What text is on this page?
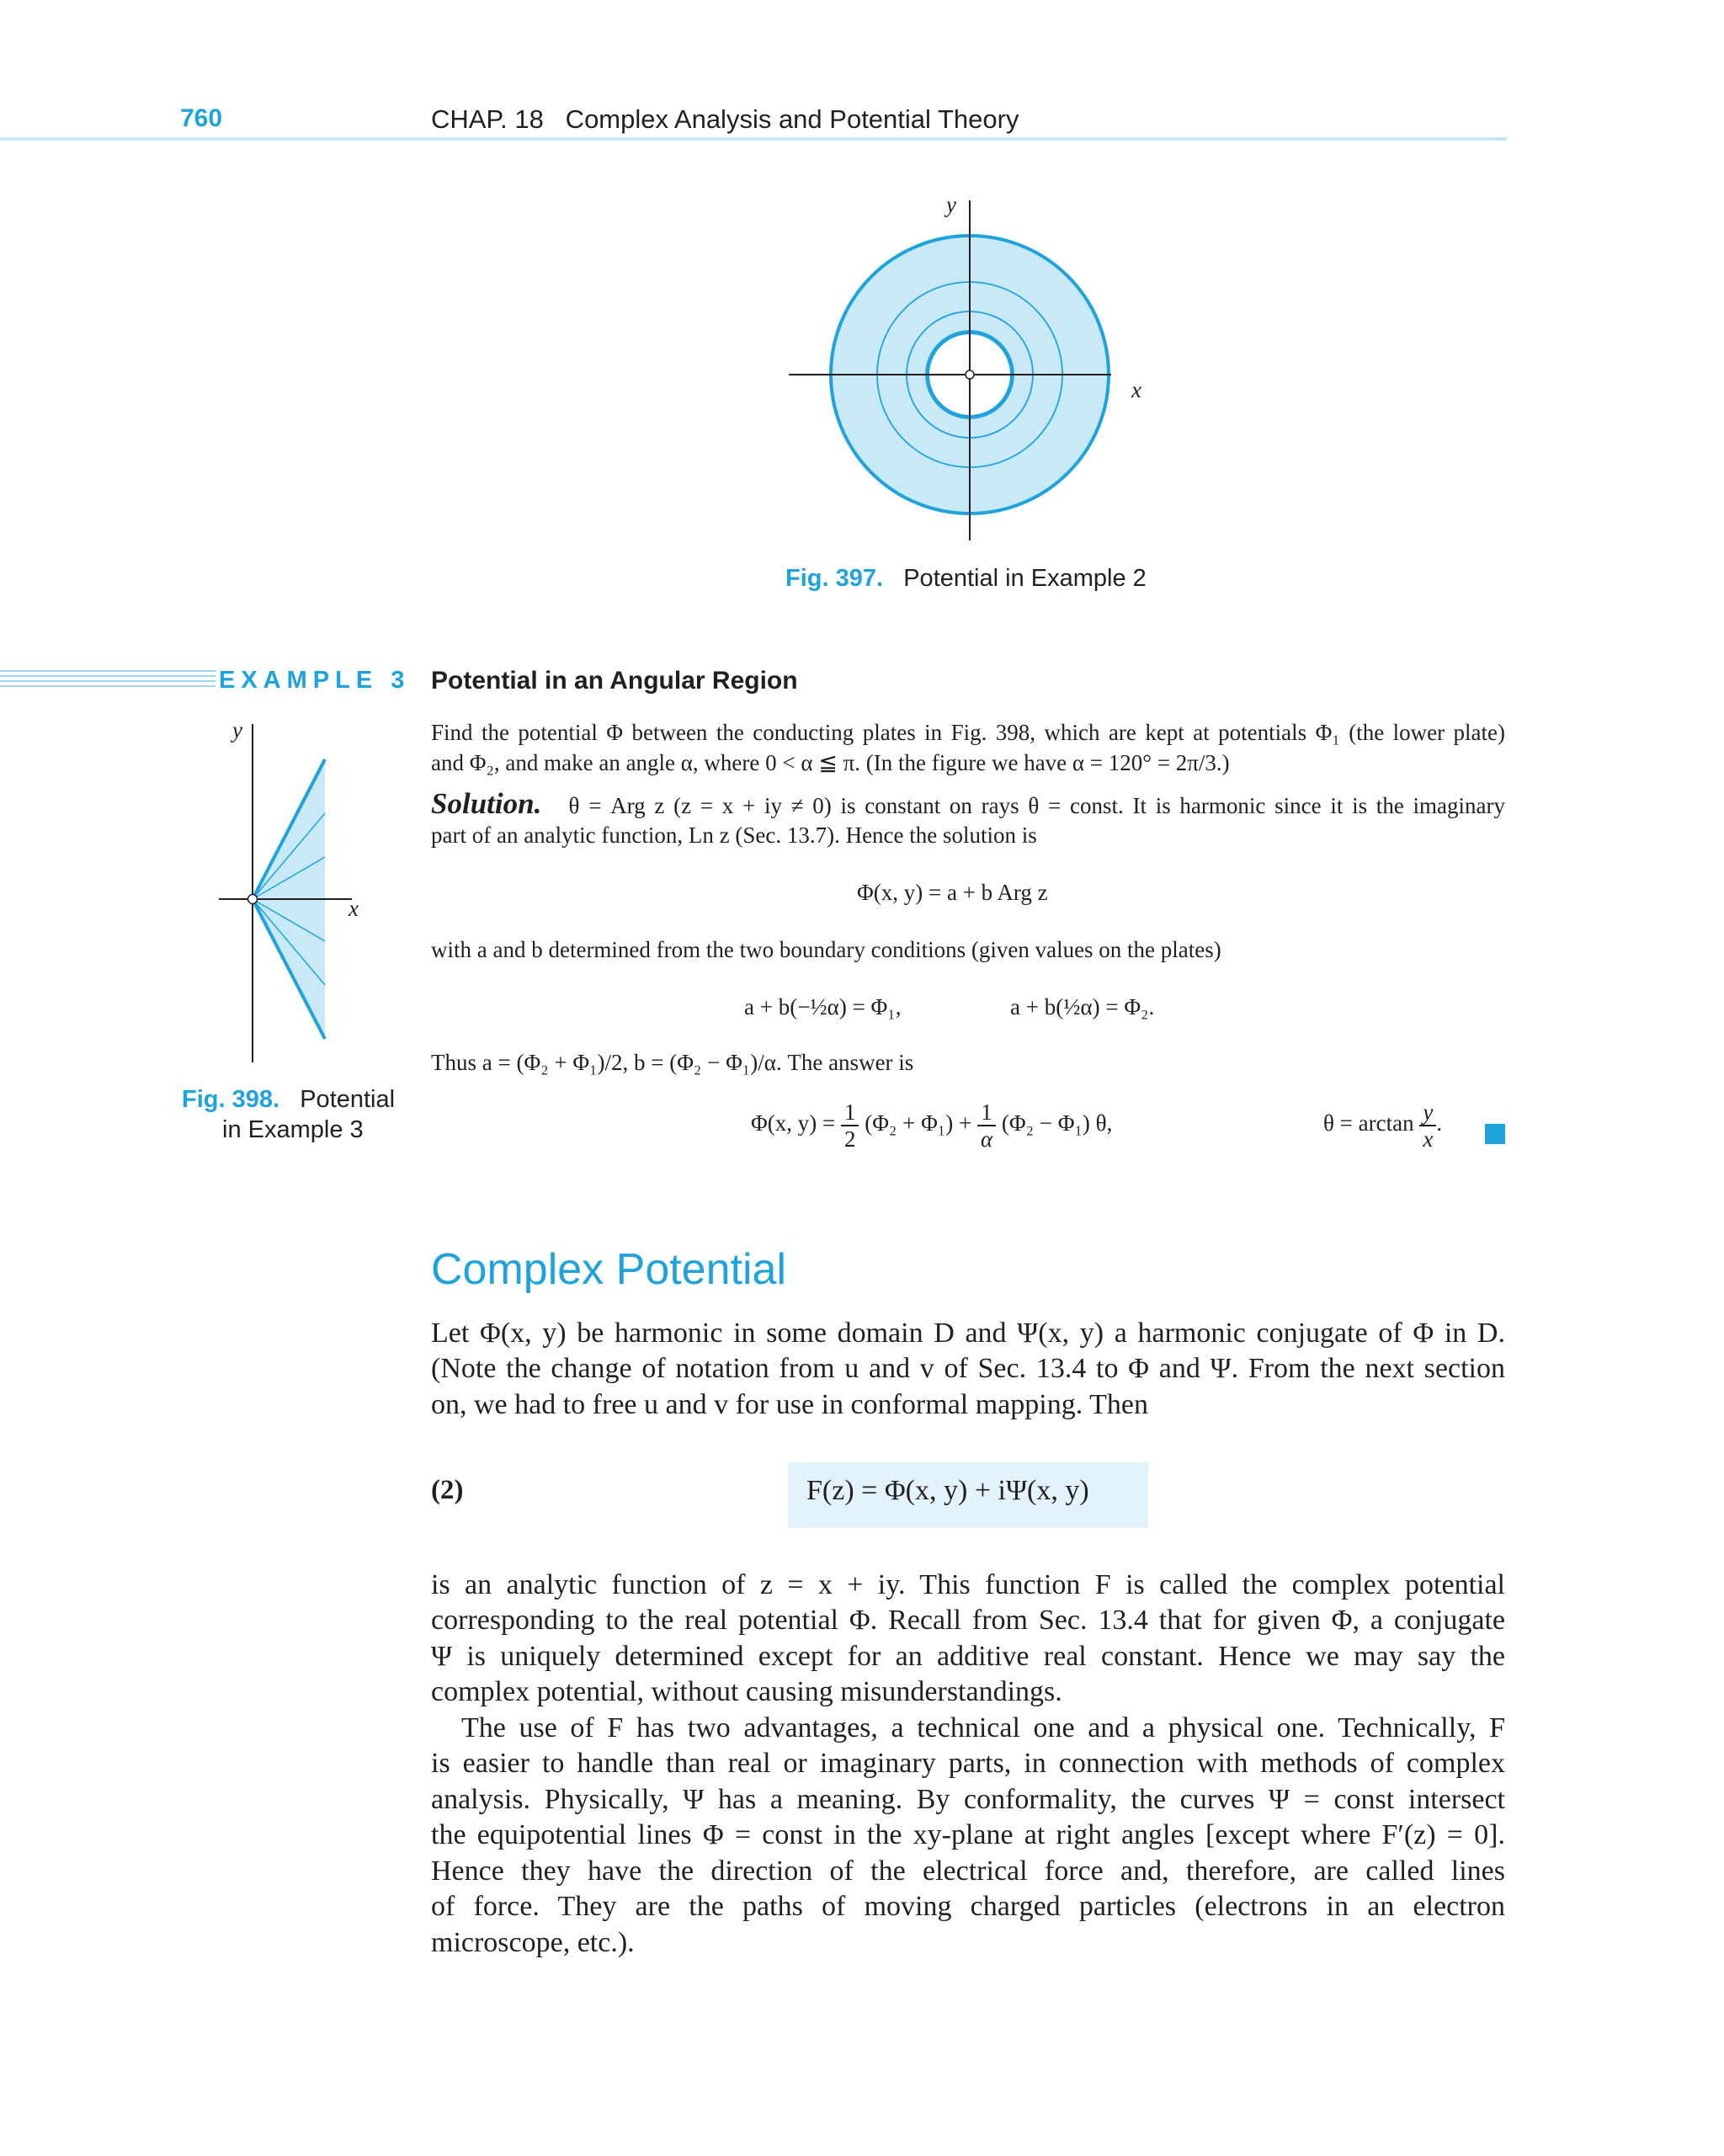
760	CHAP. 18   Complex Analysis and Potential Theory
y
x
Fig. 397. Potential in Example 2
EXAMPLE 3 Potential in an Angular Region
y
x
Fig. 398. Potential
in Example 3
Find the potential Φ between the conducting plates in Fig. 398, which are kept at potentials Φ₁ (the lower plate)
and Φ₂, and make an angle α, where 0 < α ≦ π. (In the figure we have α = 120° = 2π/3.)
Solution. θ = Arg z (z = x + iy ≠ 0) is constant on rays θ = const. It is harmonic since it is the imaginary
part of an analytic function, Ln z (Sec. 13.7). Hence the solution is
Φ(x, y) = a + b Arg z
with a and b determined from the two boundary conditions (given values on the plates)
a + b(−½α) = Φ₁,	a + b(½α) = Φ₂.
Thus a = (Φ₂ + Φ₁)/2, b = (Φ₂ − Φ₁)/α. The answer is
Φ(x, $y) = \frac{1}{2} (\Phi_2 + \Phi_1) + \frac{1}{\alpha} (\Phi_2 - \Phi_1)$ θ,	$\theta = \arctan \frac{y}{x}$ .
Complex Potential
Let Φ(x, y) be harmonic in some domain D and Ψ(x, y) a harmonic conjugate of Φ in D.
(Note the change of notation from u and v of Sec. 13.4 to Φ and Ψ. From the next section
on, we had to free u and v for use in conformal mapping. Then
(2)	F(z) = Φ(x, y) + iΨ(x, y)
is an analytic function of z = x + iy. This function F is called the complex potential
corresponding to the real potential Φ. Recall from Sec. 13.4 that for given Φ, a conjugate
Ψ is uniquely determined except for an additive real constant. Hence we may say the
complex potential, without causing misunderstandings.
The use of F has two advantages, a technical one and a physical one. Technically, F
is easier to handle than real or imaginary parts, in connection with methods of complex
analysis. Physically, Ψ has a meaning. By conformality, the curves Ψ = const intersect
the equipotential lines Φ = const in the xy-plane at right angles [except where F′(z) = 0].
Hence they have the direction of the electrical force and, therefore, are called lines
of force. They are the paths of moving charged particles (electrons in an electron
microscope, etc.).
